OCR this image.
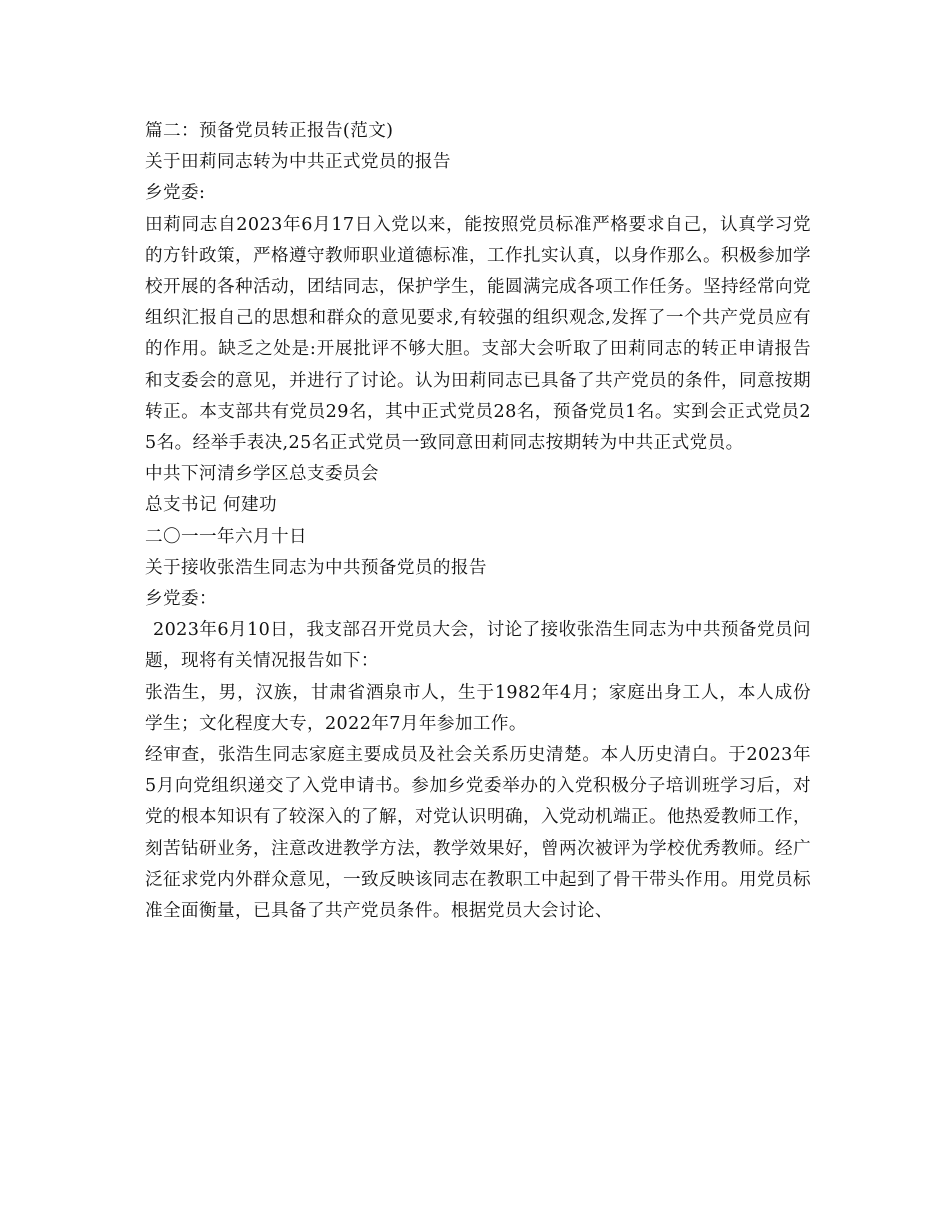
篇二：预备党员转正报告(范文)

关于田莉同志转为中共正式党员的报告

乡党委:

田莉同志自2023年6月17日入党以来，能按照党员标准严格要求自己，认真学习党的方针政策，严格遵守教师职业道德标准，工作扎实认真，以身作那么。积极参加学校开展的各种活动，团结同志，保护学生，能圆满完成各项工作任务。坚持经常向党组织汇报自己的思想和群众的意见要求,有较强的组织观念,发挥了一个共产党员应有的作用。缺乏之处是:开展批评不够大胆。支部大会听取了田莉同志的转正申请报告和支委会的意见，并进行了讨论。认为田莉同志已具备了共产党员的条件，同意按期转正。本支部共有党员29名，其中正式党员28名，预备党员1名。实到会正式党员25名。经举手表决,25名正式党员一致同意田莉同志按期转为中共正式党员。

中共下河清乡学区总支委员会

总支书记 何建功

二〇一一年六月十日

关于接收张浩生同志为中共预备党员的报告

乡党委：

2023年6月10日，我支部召开党员大会，讨论了接收张浩生同志为中共预备党员问题，现将有关情况报告如下：

张浩生，男，汉族，甘肃省酒泉市人，生于1982年4月；家庭出身工人，本人成份学生；文化程度大专，2022年7月年参加工作。

经审查，张浩生同志家庭主要成员及社会关系历史清楚。本人历史清白。于2023年5月向党组织递交了入党申请书。参加乡党委举办的入党积极分子培训班学习后，对党的根本知识有了较深入的了解，对党认识明确，入党动机端正。他热爱教师工作，刻苦钻研业务，注意改进教学方法，教学效果好，曾两次被评为学校优秀教师。经广泛征求党内外群众意见，一致反映该同志在教职工中起到了骨干带头作用。用党员标准全面衡量，已具备了共产党员条件。根据党员大会讨论、
